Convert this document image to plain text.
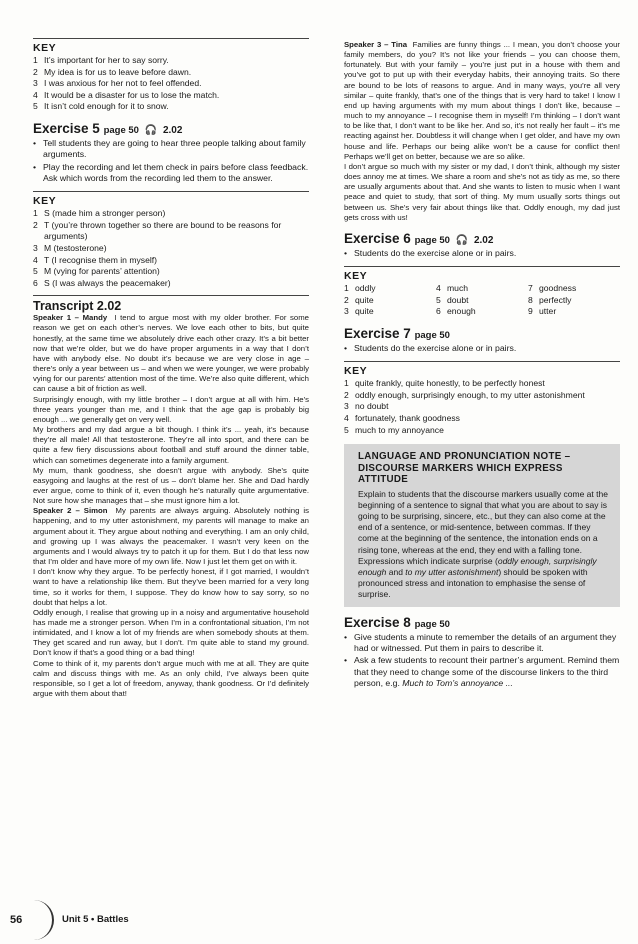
KEY
1 It’s important for her to say sorry.
2 My idea is for us to leave before dawn.
3 I was anxious for her not to feel offended.
4 It would be a disaster for us to lose the match.
5 It isn’t cold enough for it to snow.
Exercise 5 page 50 🎧 2.02
• Tell students they are going to hear three people talking about family arguments.
• Play the recording and let them check in pairs before class feedback. Ask which words from the recording led them to the answer.
KEY
1 S (made him a stronger person)
2 T (you’re thrown together so there are bound to be reasons for arguments)
3 M (testosterone)
4 T (I recognise them in myself)
5 M (vying for parents’ attention)
6 S (I was always the peacemaker)
Transcript 2.02

Speaker 1 – Mandy I tend to argue most with my older brother. For some reason we get on each other’s nerves. We love each other to bits, but quite honestly, at the same time we absolutely drive each other crazy. It’s a bit better now that we’re older, but we do have proper arguments in a way that I don’t have with anybody else. No doubt it’s because we are very close in age – there’s only a year between us – and when we were younger, we were probably vying for our parents’ attention most of the time. We’re also quite different, which can cause a bit of friction as well.

Surprisingly enough, with my little brother – I don’t argue at all with him. He’s three years younger than me, and I think that the age gap is probably big enough ... we generally get on very well.

My brothers and my dad argue a bit though. I think it’s ... yeah, it’s because they’re all male! All that testosterone. They’re all into sport, and there can be quite a few fiery discussions about football and stuff around the dinner table, which can sometimes degenerate into a family argument.

My mum, thank goodness, she doesn’t argue with anybody. She’s quite easygoing and laughs at the rest of us – don’t blame her. She and Dad hardly ever argue, come to think of it, even though he’s naturally quite argumentative. Not sure how she manages that – she must ignore him a lot.

Speaker 2 – Simon My parents are always arguing. Absolutely nothing is happening, and to my utter astonishment, my parents will manage to make an argument about it. They argue about nothing and everything. I am an only child, and growing up I was always the peacemaker. I wasn’t very keen on the arguments and I would always try to patch it up for them. But I do that less now that I’m older and have more of my own life. Now I just let them get on with it.

I don’t know why they argue. To be perfectly honest, if I got married, I wouldn’t want to have a relationship like them. But they’ve been married for a very long time, so it works for them, I suppose. They do know how to say sorry, so no doubt that helps a lot.

Oddly enough, I realise that growing up in a noisy and argumentative household has made me a stronger person. When I’m in a confrontational situation, I’m not intimidated, and I know a lot of my friends are when somebody shouts at them. They get scared and run away, but I don’t. I’m quite able to stand my ground. Don’t know if that’s a good thing or a bad thing!

Come to think of it, my parents don’t argue much with me at all. They are quite calm and discuss things with me. As an only child, I’ve always been quite responsible, so I get a lot of freedom, anyway, thank goodness. Or I’d definitely argue with them about that!

Speaker 3 – Tina Families are funny things ... I mean, you don’t choose your family members, do you? It’s not like your friends – you can choose them, fortunately. But with your family – you’re just put in a house with them and you’ve got to put up with their everyday habits, their annoying traits. So there are bound to be lots of reasons to argue. And in many ways, you’re all very similar – quite frankly, that’s one of the things that is very hard to take! I know I end up having arguments with my mum about things I don’t like, because – much to my annoyance – I recognise them in myself! I’m thinking – I don’t want to be like that, I don’t want to be like her. And so, it’s not really her fault – it’s me reacting against her. Doubtless it will change when I get older, and have my own house and life. Perhaps our being alike won’t be a cause for conflict then! Perhaps we’ll get on better, because we are so alike.

I don’t argue so much with my sister or my dad, I don’t think, although my sister does annoy me at times. We share a room and she’s not as tidy as me, so there are usually arguments about that. And she wants to listen to music when I want peace and quiet to study, that sort of thing. My mum usually sorts things out between us. She’s very fair about things like that. Oddly enough, my dad just gets cross with us!

Exercise 6 page 50 🎧 2.02
• Students do the exercise alone or in pairs.
KEY
1 oddly	4 much	7 goodness
2 quite	5 doubt	8 perfectly
3 quite	6 enough	9 utter
Exercise 7 page 50
• Students do the exercise alone or in pairs.
KEY
1 quite frankly, quite honestly, to be perfectly honest
2 oddly enough, surprisingly enough, to my utter astonishment
3 no doubt
4 fortunately, thank goodness
5 much to my annoyance
LANGUAGE AND PRONUNCIATION NOTE – DISCOURSE MARKERS WHICH EXPRESS ATTITUDE
Explain to students that the discourse markers usually come at the beginning of a sentence to signal that what you are about to say is going to be surprising, sincere, etc., but they can also come at the end of a sentence, or mid-sentence, between commas. If they come at the beginning of the sentence, the intonation ends on a rising tone, whereas at the end, they end with a falling tone. Expressions which indicate surprise (oddly enough, surprisingly enough and to my utter astonishment) should be spoken with pronounced stress and intonation to emphasise the sense of surprise.
Exercise 8 page 50
• Give students a minute to remember the details of an argument they had or witnessed. Put them in pairs to describe it.
• Ask a few students to recount their partner’s argument. Remind them that they need to change some of the discourse linkers to the third person, e.g. Much to Tom’s annoyance ...
56	Unit 5 • Battles
